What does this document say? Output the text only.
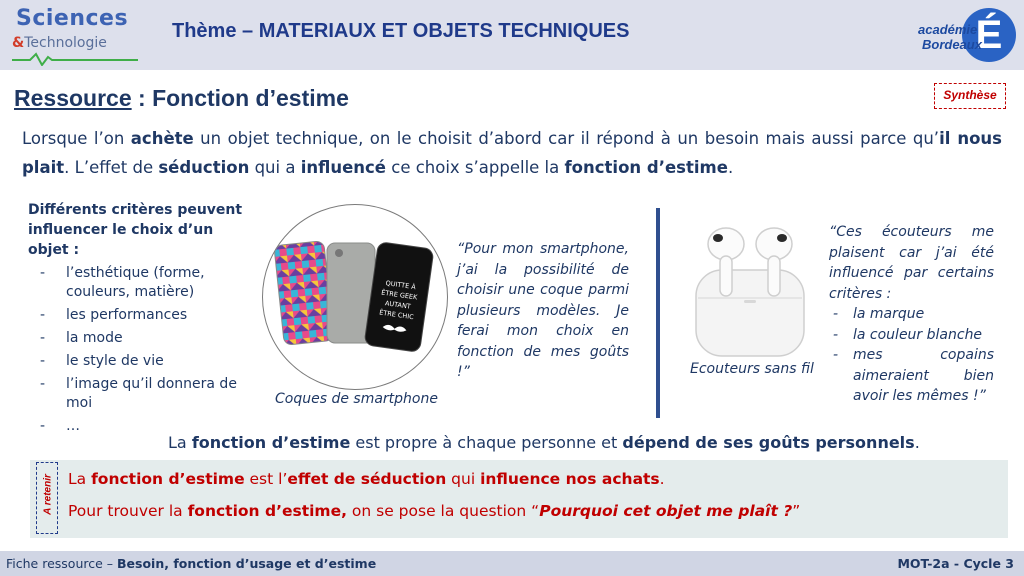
Sciences
&Technologie
Thème – MATERIAUX ET OBJETS TECHNIQUES	É
académie
Bordeaux
Ressource : Fonction d’estime	Synthèse
Lorsque l’on achète un objet technique, on le choisit d’abord car il répond à un besoin mais aussi parce qu’il nous plait. L’effet de séduction qui a influencé ce choix s’appelle la fonction d’estime.
Différents critères peuvent influencer le choix d’un objet :
- l’esthétique (forme, couleurs, matière)
- les performances
- la mode
- le style de vie
- l’image qu’il donnera de moi
- …
QUITTE À
ÊTRE GEEK
AUTANT
ÊTRE CHIC
Coques de smartphone
“Pour mon smartphone, j’ai la possibilité de choisir une coque parmi plusieurs modèles. Je ferai mon choix en fonction de mes goûts !”	Ecouteurs sans fil
“Ces écouteurs me plaisent car j’ai été influencé par certains critères :
- la marque
- la couleur blanche
- mes copains aimeraient bien avoir les mêmes !”
La fonction d’estime est propre à chaque personne et dépend de ses goûts personnels.
A retenir La fonction d’estime est l’effet de séduction qui influence nos achats.
Pour trouver la fonction d’estime, on se pose la question “Pourquoi cet objet me plaît ?”
Fiche ressource – Besoin, fonction d’usage et d’estime	MOT-2a - Cycle 3
